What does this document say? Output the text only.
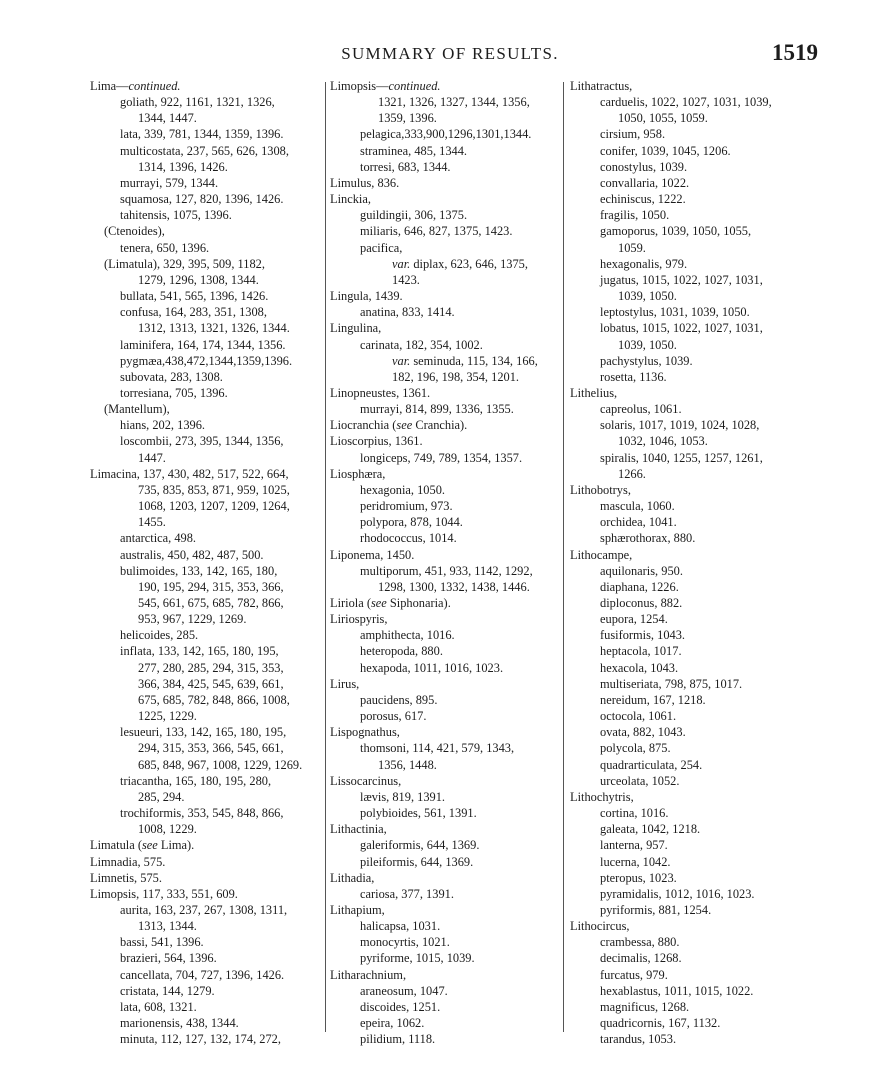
SUMMARY OF RESULTS.	1519
Lima—continued.
goliath, 922, 1161, 1321, 1326,
1344, 1447.
lata, 339, 781, 1344, 1359, 1396.
multicostata, 237, 565, 626, 1308,
1314, 1396, 1426.
murrayi, 579, 1344.
squamosa, 127, 820, 1396, 1426.
tahitensis, 1075, 1396.
(Ctenoides),
tenera, 650, 1396.
(Limatula), 329, 395, 509, 1182,
1279, 1296, 1308, 1344.
bullata, 541, 565, 1396, 1426.
confusa, 164, 283, 351, 1308,
1312, 1313, 1321, 1326, 1344.
laminifera, 164, 174, 1344, 1356.
pygmæa,438,472,1344,1359,1396.
subovata, 283, 1308.
torresiana, 705, 1396.
(Mantellum),
hians, 202, 1396.
loscombii, 273, 395, 1344, 1356,
1447.
Limacina, 137, 430, 482, 517, 522, 664,
735, 835, 853, 871, 959, 1025,
1068, 1203, 1207, 1209, 1264,
1455.
antarctica, 498.
australis, 450, 482, 487, 500.
bulimoides, 133, 142, 165, 180,
190, 195, 294, 315, 353, 366,
545, 661, 675, 685, 782, 866,
953, 967, 1229, 1269.
helicoides, 285.
inflata, 133, 142, 165, 180, 195,
277, 280, 285, 294, 315, 353,
366, 384, 425, 545, 639, 661,
675, 685, 782, 848, 866, 1008,
1225, 1229.
lesueuri, 133, 142, 165, 180, 195,
294, 315, 353, 366, 545, 661,
685, 848, 967, 1008, 1229, 1269.
triacantha, 165, 180, 195, 280,
285, 294.
trochiformis, 353, 545, 848, 866,
1008, 1229.
Limatula (see Lima).
Limnadia, 575.
Limnetis, 575.
Limopsis, 117, 333, 551, 609.
aurita, 163, 237, 267, 1308, 1311,
1313, 1344.
bassi, 541, 1396.
brazieri, 564, 1396.
cancellata, 704, 727, 1396, 1426.
cristata, 144, 1279.
lata, 608, 1321.
marionensis, 438, 1344.
minuta, 112, 127, 132, 174, 272,
Limopsis—continued.
1321, 1326, 1327, 1344, 1356,
1359, 1396.
pelagica,333,900,1296,1301,1344.
straminea, 485, 1344.
torresi, 683, 1344.
Limulus, 836.
Linckia,
guildingii, 306, 1375.
miliaris, 646, 827, 1375, 1423.
pacifica,
var. diplax, 623, 646, 1375,
1423.
Lingula, 1439.
anatina, 833, 1414.
Lingulina,
carinata, 182, 354, 1002.
var. seminuda, 115, 134, 166,
182, 196, 198, 354, 1201.
Linopneustes, 1361.
murrayi, 814, 899, 1336, 1355.
Liocranchia (see Cranchia).
Lioscorpius, 1361.
longiceps, 749, 789, 1354, 1357.
Liosphæra,
hexagonia, 1050.
peridromium, 973.
polypora, 878, 1044.
rhodococcus, 1014.
Liponema, 1450.
multiporum, 451, 933, 1142, 1292,
1298, 1300, 1332, 1438, 1446.
Liriola (see Siphonaria).
Liriospyris,
amphithecta, 1016.
heteropoda, 880.
hexapoda, 1011, 1016, 1023.
Lirus,
paucidens, 895.
porosus, 617.
Lispognathus,
thomsoni, 114, 421, 579, 1343,
1356, 1448.
Lissocarcinus,
lævis, 819, 1391.
polybioides, 561, 1391.
Lithactinia,
galeriformis, 644, 1369.
pileiformis, 644, 1369.
Lithadia,
cariosa, 377, 1391.
Lithapium,
halicapsa, 1031.
monocyrtis, 1021.
pyriforme, 1015, 1039.
Litharachnium,
araneosum, 1047.
discoides, 1251.
epeira, 1062.
pilidium, 1118.
Lithatractus,
carduelis, 1022, 1027, 1031, 1039,
1050, 1055, 1059.
cirsium, 958.
conifer, 1039, 1045, 1206.
conostylus, 1039.
convallaria, 1022.
echiniscus, 1222.
fragilis, 1050.
gamoporus, 1039, 1050, 1055,
1059.
hexagonalis, 979.
jugatus, 1015, 1022, 1027, 1031,
1039, 1050.
leptostylus, 1031, 1039, 1050.
lobatus, 1015, 1022, 1027, 1031,
1039, 1050.
pachystylus, 1039.
rosetta, 1136.
Lithelius,
capreolus, 1061.
solaris, 1017, 1019, 1024, 1028,
1032, 1046, 1053.
spiralis, 1040, 1255, 1257, 1261,
1266.
Lithobotrys,
mascula, 1060.
orchidea, 1041.
sphærothorax, 880.
Lithocampe,
aquilonaris, 950.
diaphana, 1226.
diploconus, 882.
eupora, 1254.
fusiformis, 1043.
heptacola, 1017.
hexacola, 1043.
multiseriata, 798, 875, 1017.
nereidum, 167, 1218.
octocola, 1061.
ovata, 882, 1043.
polycola, 875.
quadrarticulata, 254.
urceolata, 1052.
Lithochytris,
cortina, 1016.
galeata, 1042, 1218.
lanterna, 957.
lucerna, 1042.
pteropus, 1023.
pyramidalis, 1012, 1016, 1023.
pyriformis, 881, 1254.
Lithocircus,
crambessa, 880.
decimalis, 1268.
furcatus, 979.
hexablastus, 1011, 1015, 1022.
magnificus, 1268.
quadricornis, 167, 1132.
tarandus, 1053.
